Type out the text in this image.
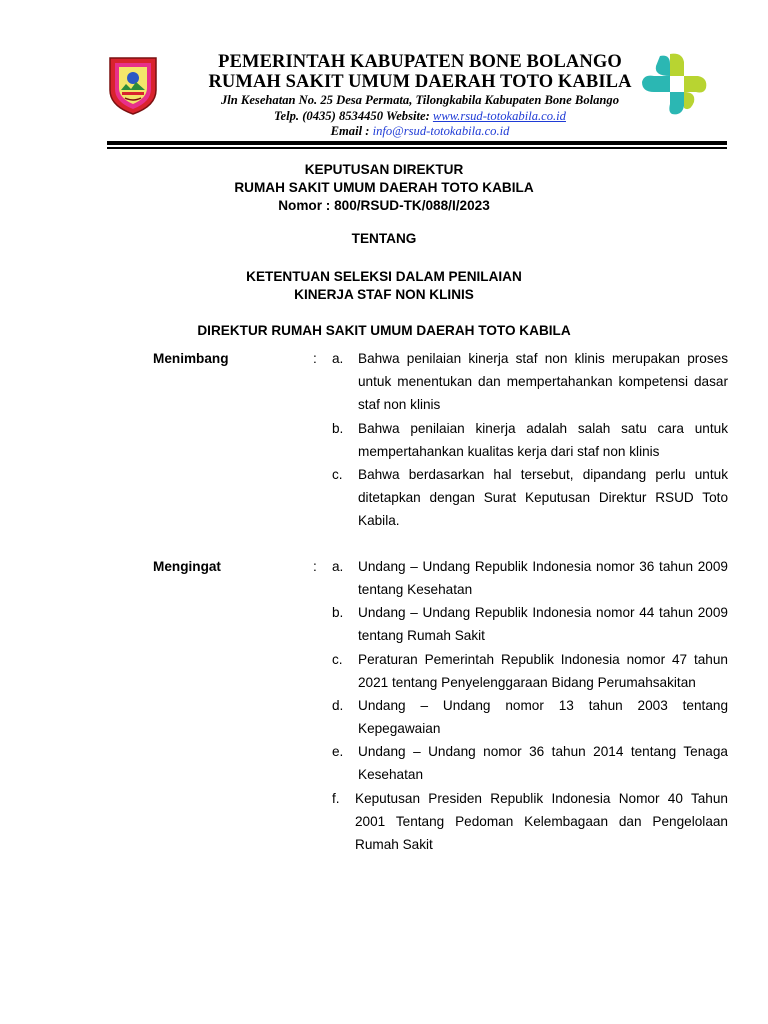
PEMERINTAH KABUPATEN BONE BOLANGO
RUMAH SAKIT UMUM DAERAH TOTO KABILA
Jln Kesehatan No. 25 Desa Permata, Tilongkabila Kabupaten Bone Bolango
Telp. (0435) 8534450 Website: www.rsud-totokabila.co.id
Email : info@rsud-totokabila.co.id
KEPUTUSAN DIREKTUR
RUMAH SAKIT UMUM DAERAH TOTO KABILA
Nomor : 800/RSUD-TK/088/I/2023
TENTANG
KETENTUAN SELEKSI DALAM PENILAIAN
KINERJA STAF NON KLINIS
DIREKTUR RUMAH SAKIT UMUM DAERAH TOTO KABILA
Menimbang	: a.	Bahwa penilaian kinerja staf non klinis merupakan proses untuk menentukan dan mempertahankan kompetensi dasar staf non klinis
b.	Bahwa penilaian kinerja adalah salah satu cara untuk mempertahankan kualitas kerja dari staf non klinis
c.	Bahwa berdasarkan hal tersebut, dipandang perlu untuk ditetapkan dengan Surat Keputusan Direktur RSUD Toto Kabila.
Mengingat	: a.	Undang – Undang Republik Indonesia nomor 36 tahun 2009 tentang Kesehatan
b.	Undang – Undang Republik Indonesia nomor 44 tahun 2009 tentang Rumah Sakit
c.	Peraturan Pemerintah Republik Indonesia nomor 47 tahun 2021 tentang Penyelenggaraan Bidang Perumahsakitan
d.	Undang – Undang nomor 13 tahun 2003 tentang Kepegawaian
e.	Undang – Undang nomor 36 tahun 2014 tentang Tenaga Kesehatan
f.	Keputusan Presiden Republik Indonesia Nomor 40 Tahun 2001 Tentang Pedoman Kelembagaan dan Pengelolaan Rumah Sakit
